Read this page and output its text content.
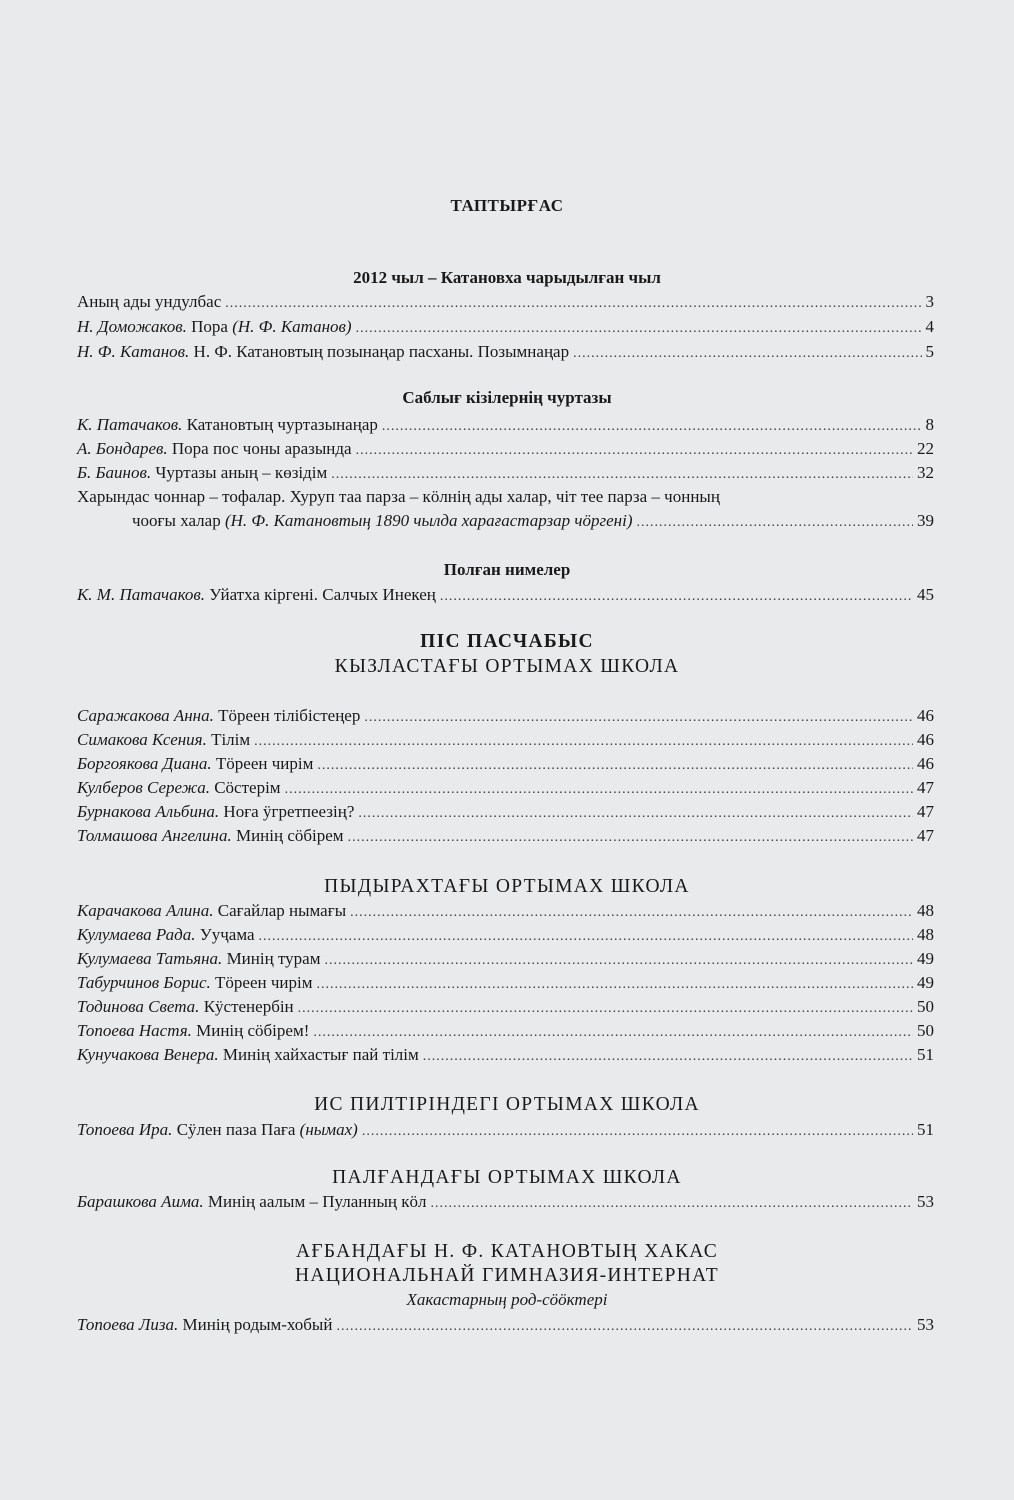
ТАПТЫРҒАС
2012 чыл – Катановха чарыдылған чыл
Аның ады ундулбас .....	3
Н. Доможаков. Пора (Н. Ф. Катанов) .....	4
Н. Ф. Катанов. Н. Ф. Катановтың позынаңар пасханы. Позымнаңар .....	5
Саблығ кізілернің чуртазы
К. Патачаков. Катановтың чуртазынаңар .....	8
А. Бондарев. Пора пос чоны аразында .....	22
Б. Баинов. Чуртазы аның – көзідім .....	32
Харындас чоннар – тофалар. Хуруп таа парза – кӧлнің ады халар, чіт тее парза – чонның
чооғы халар (Н. Ф. Катановтың 1890 чылда харағастарзар чӧргені) .....	39
Полған нимелер
К. М. Патачаков. Уйатха кіргені. Салчых Инекең .....	45
ПІС ПАСЧАБЫС
КЫЗЛАСТАҒЫ ОРТЫМАХ ШКОЛА
Саражакова Анна. Тӧреен тілібістеңер .....	46
Симакова Ксения. Тілім .....	46
Боргоякова Диана. Тӧреен чирім .....	46
Кулберов Сережа. Сӧстерім .....	47
Бурнакова Альбина. Ноға ӱгретпеезің? .....	47
Толмашова Ангелина. Минің сӧбірем .....	47
ПЫДЫРАХТАҒЫ ОРТЫМАХ ШКОЛА
Карачакова Алина. Сағайлар нымағы .....	48
Кулумаева Рада. Ууҷама .....	48
Кулумаева Татьяна. Минің турам .....	49
Табурчинов Борис. Тӧреен чирім .....	49
Тодинова Света. Кӱстенербін .....	50
Топоева Настя. Минің сӧбірем! .....	50
Кунучакова Венера. Минің хайхастығ пай тілім .....	51
ИС ПИЛТІРІНДЕГІ ОРТЫМАХ ШКОЛА
Топоева Ира. Сӱлен паза Паға (нымах) .....	51
ПАЛҒАНДАҒЫ ОРТЫМАХ ШКОЛА
Барашкова Аима. Минің аалым – Пуланның кӧл .....	53
АҒБАНДАҒЫ Н. Ф. КАТАНОВТЫҢ ХАКАС
НАЦИОНАЛЬНАЙ ГИМНАЗИЯ-ИНТЕРНАТ
Хакастарның род-сӧӧктері
Топоева Лиза. Минің родым-хобый .....	53
